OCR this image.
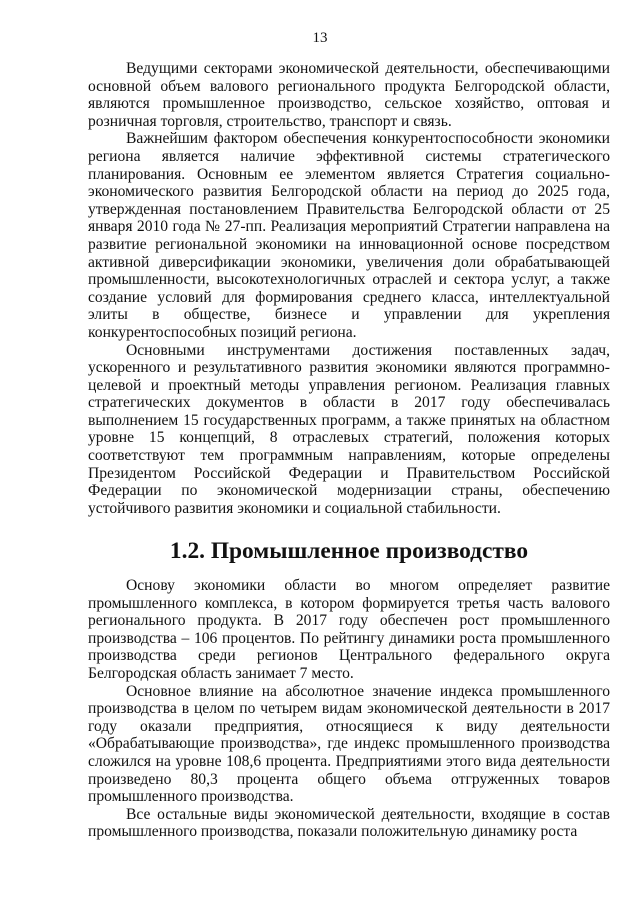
13

Ведущими секторами экономической деятельности, обеспечивающими основной объем валового регионального продукта Белгородской области, являются промышленное производство, сельское хозяйство, оптовая и розничная торговля, строительство, транспорт и связь.

Важнейшим фактором обеспечения конкурентоспособности экономики региона является наличие эффективной системы стратегического планирования. Основным ее элементом является Стратегия социально-экономического развития Белгородской области на период до 2025 года, утвержденная постановлением Правительства Белгородской области от 25 января 2010 года № 27-пп. Реализация мероприятий Стратегии направлена на развитие региональной экономики на инновационной основе посредством активной диверсификации экономики, увеличения доли обрабатывающей промышленности, высокотехнологичных отраслей и сектора услуг, а также создание условий для формирования среднего класса, интеллектуальной элиты в обществе, бизнесе и управлении для укрепления конкурентоспособных позиций региона.

Основными инструментами достижения поставленных задач, ускоренного и результативного развития экономики являются программно-целевой и проектный методы управления регионом. Реализация главных стратегических документов в области в 2017 году обеспечивалась выполнением 15 государственных программ, а также принятых на областном уровне 15 концепций, 8 отраслевых стратегий, положения которых соответствуют тем программным направлениям, которые определены Президентом Российской Федерации и Правительством Российской Федерации по экономической модернизации страны, обеспечению устойчивого развития экономики и социальной стабильности.

1.2. Промышленное производство

Основу экономики области во многом определяет развитие промышленного комплекса, в котором формируется третья часть валового регионального продукта. В 2017 году обеспечен рост промышленного производства – 106 процентов. По рейтингу динамики роста промышленного производства среди регионов Центрального федерального округа Белгородская область занимает 7 место.

Основное влияние на абсолютное значение индекса промышленного производства в целом по четырем видам экономической деятельности в 2017 году оказали предприятия, относящиеся к виду деятельности «Обрабатывающие производства», где индекс промышленного производства сложился на уровне 108,6 процента. Предприятиями этого вида деятельности произведено 80,3 процента общего объема отгруженных товаров промышленного производства.

Все остальные виды экономической деятельности, входящие в состав промышленного производства, показали положительную динамику роста
